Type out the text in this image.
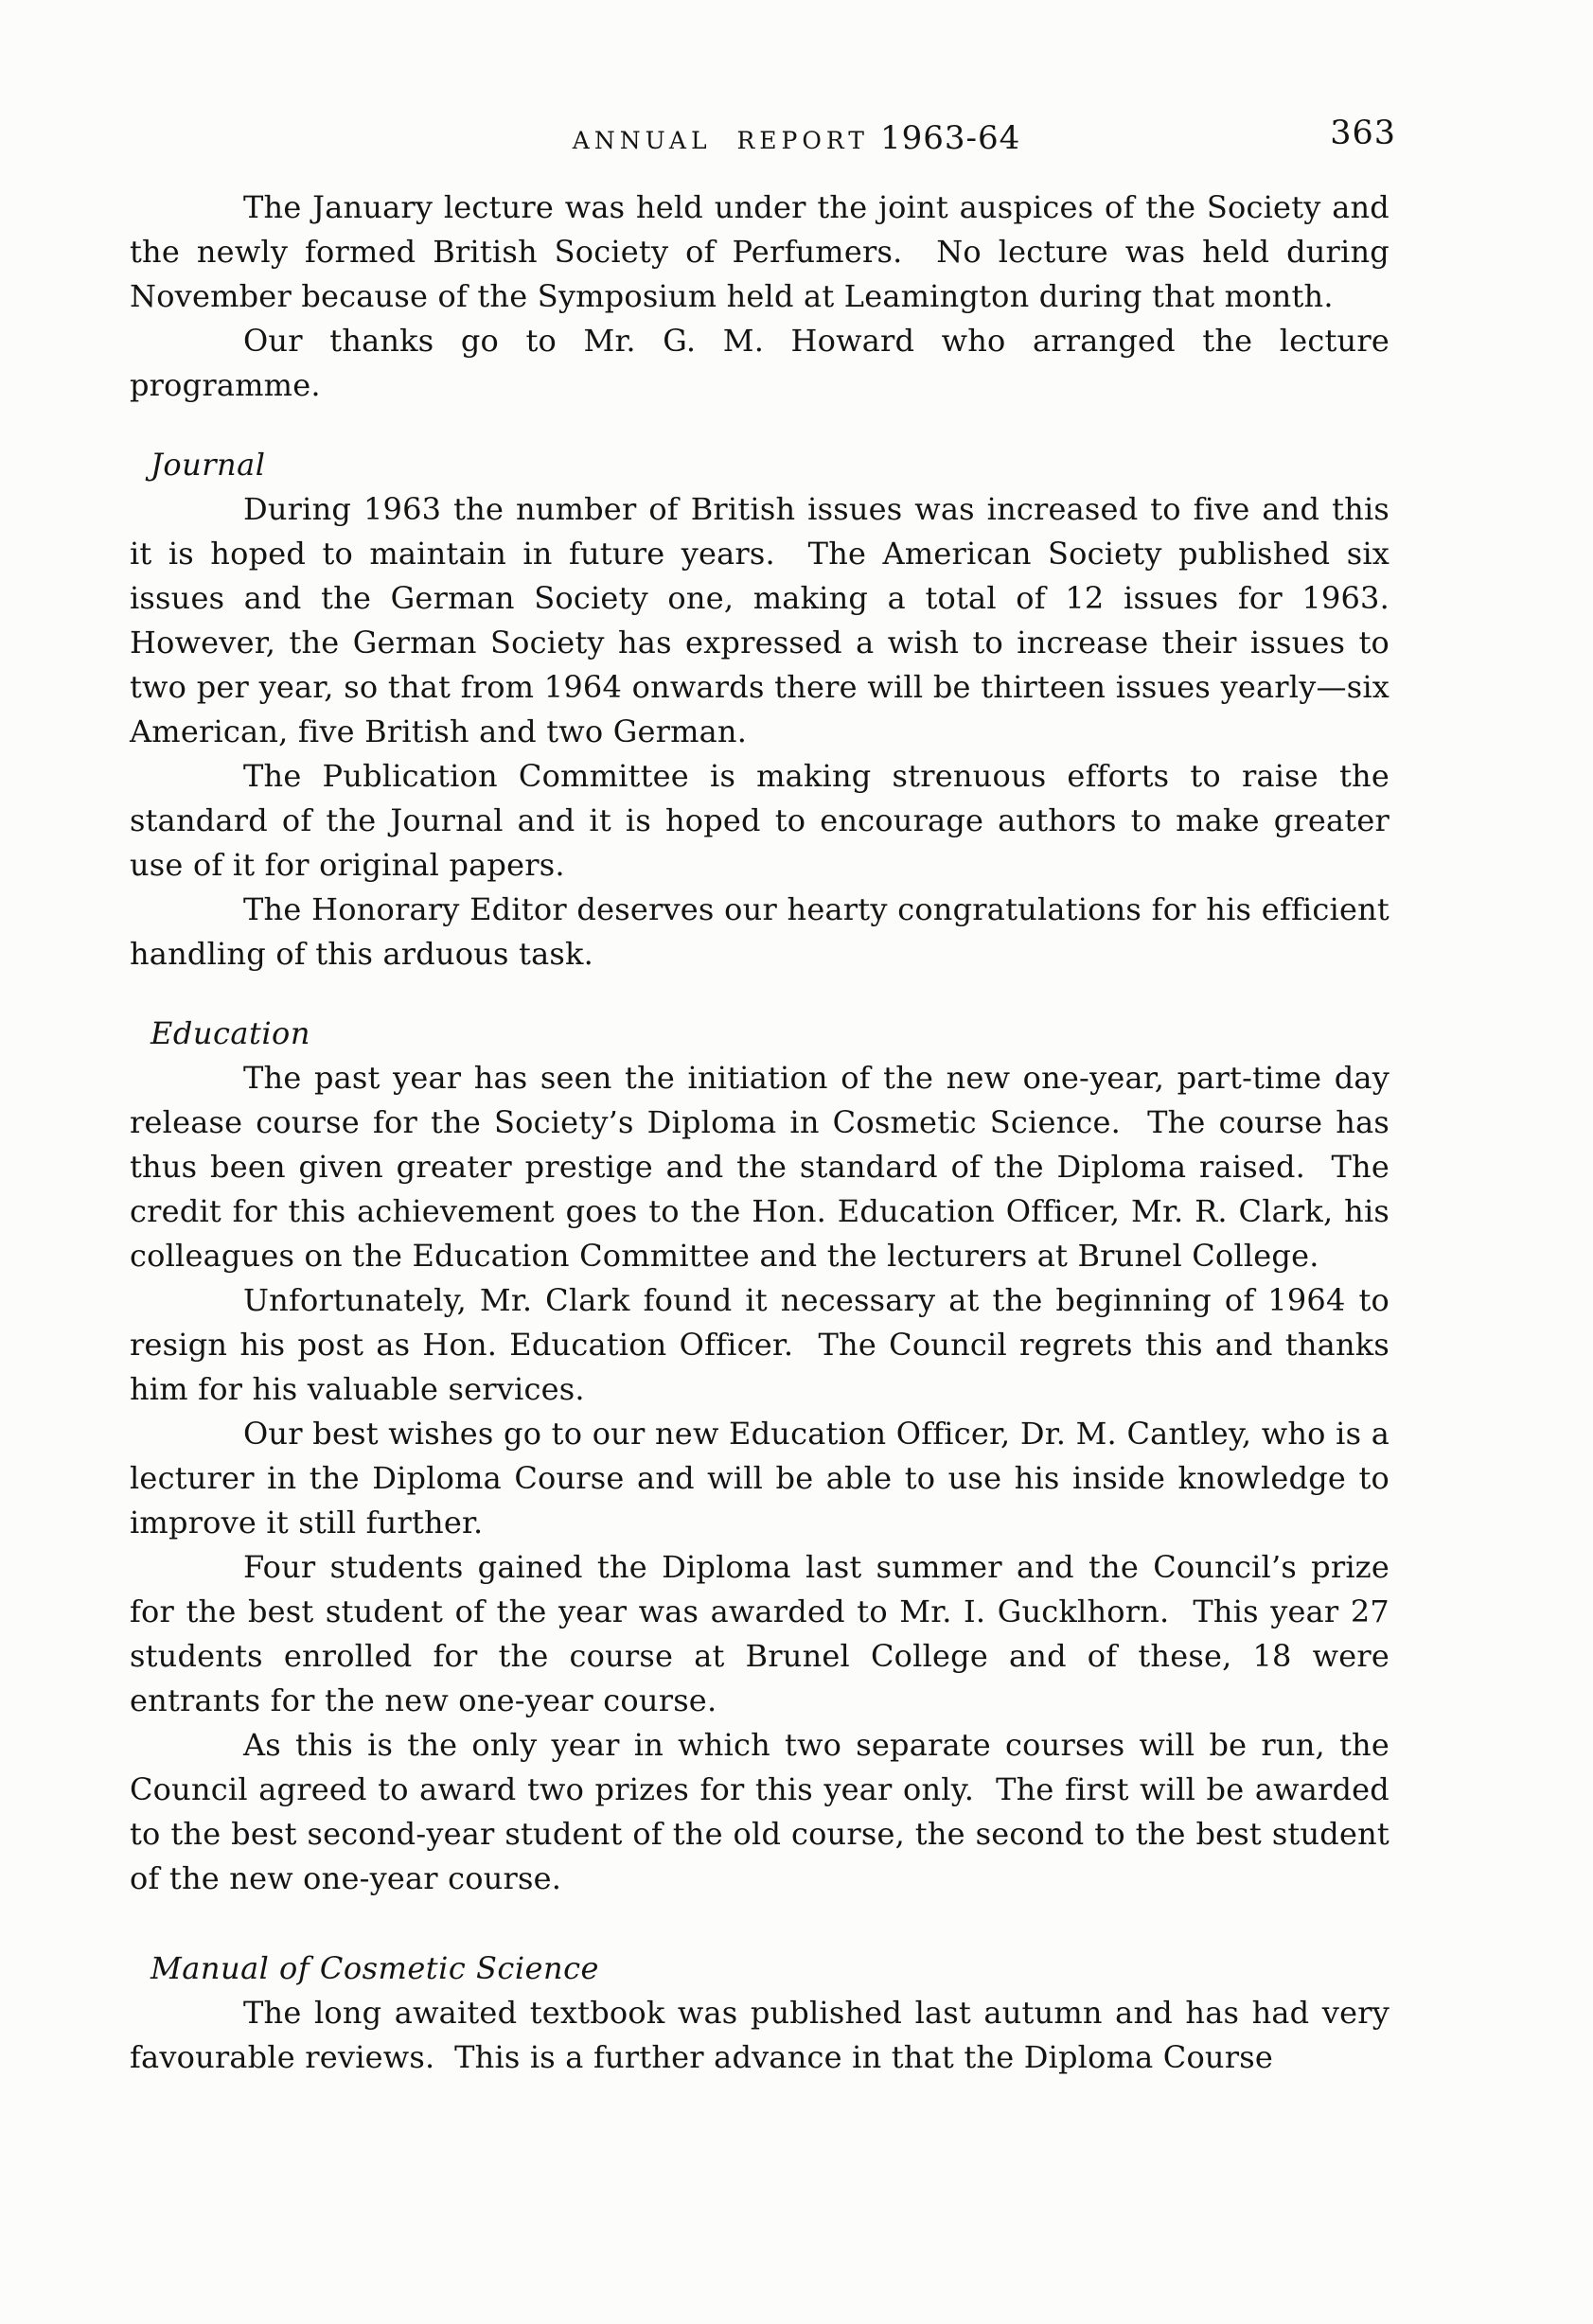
ANNUAL REPORT 1963-64	363

The January lecture was held under the joint auspices of the Society and the newly formed British Society of Perfumers.  No lecture was held during November because of the Symposium held at Leamington during that month.

Our thanks go to Mr. G. M. Howard who arranged the lecture programme.

Journal

During 1963 the number of British issues was increased to five and this it is hoped to maintain in future years.  The American Society published six issues and the German Society one, making a total of 12 issues for 1963.  However, the German Society has expressed a wish to increase their issues to two per year, so that from 1964 onwards there will be thirteen issues yearly—six American, five British and two German.

The Publication Committee is making strenuous efforts to raise the standard of the Journal and it is hoped to encourage authors to make greater use of it for original papers.

The Honorary Editor deserves our hearty congratulations for his efficient handling of this arduous task.

Education

The past year has seen the initiation of the new one-year, part-time day release course for the Society’s Diploma in Cosmetic Science.  The course has thus been given greater prestige and the standard of the Diploma raised.  The credit for this achievement goes to the Hon. Education Officer, Mr. R. Clark, his colleagues on the Education Committee and the lecturers at Brunel College.

Unfortunately, Mr. Clark found it necessary at the beginning of 1964 to resign his post as Hon. Education Officer.  The Council regrets this and thanks him for his valuable services.

Our best wishes go to our new Education Officer, Dr. M. Cantley, who is a lecturer in the Diploma Course and will be able to use his inside knowledge to improve it still further.

Four students gained the Diploma last summer and the Council’s prize for the best student of the year was awarded to Mr. I. Gucklhorn.  This year 27 students enrolled for the course at Brunel College and of these, 18 were entrants for the new one-year course.

As this is the only year in which two separate courses will be run, the Council agreed to award two prizes for this year only.  The first will be awarded to the best second-year student of the old course, the second to the best student of the new one-year course.

Manual of Cosmetic Science

The long awaited textbook was published last autumn and has had very favourable reviews.  This is a further advance in that the Diploma Course
